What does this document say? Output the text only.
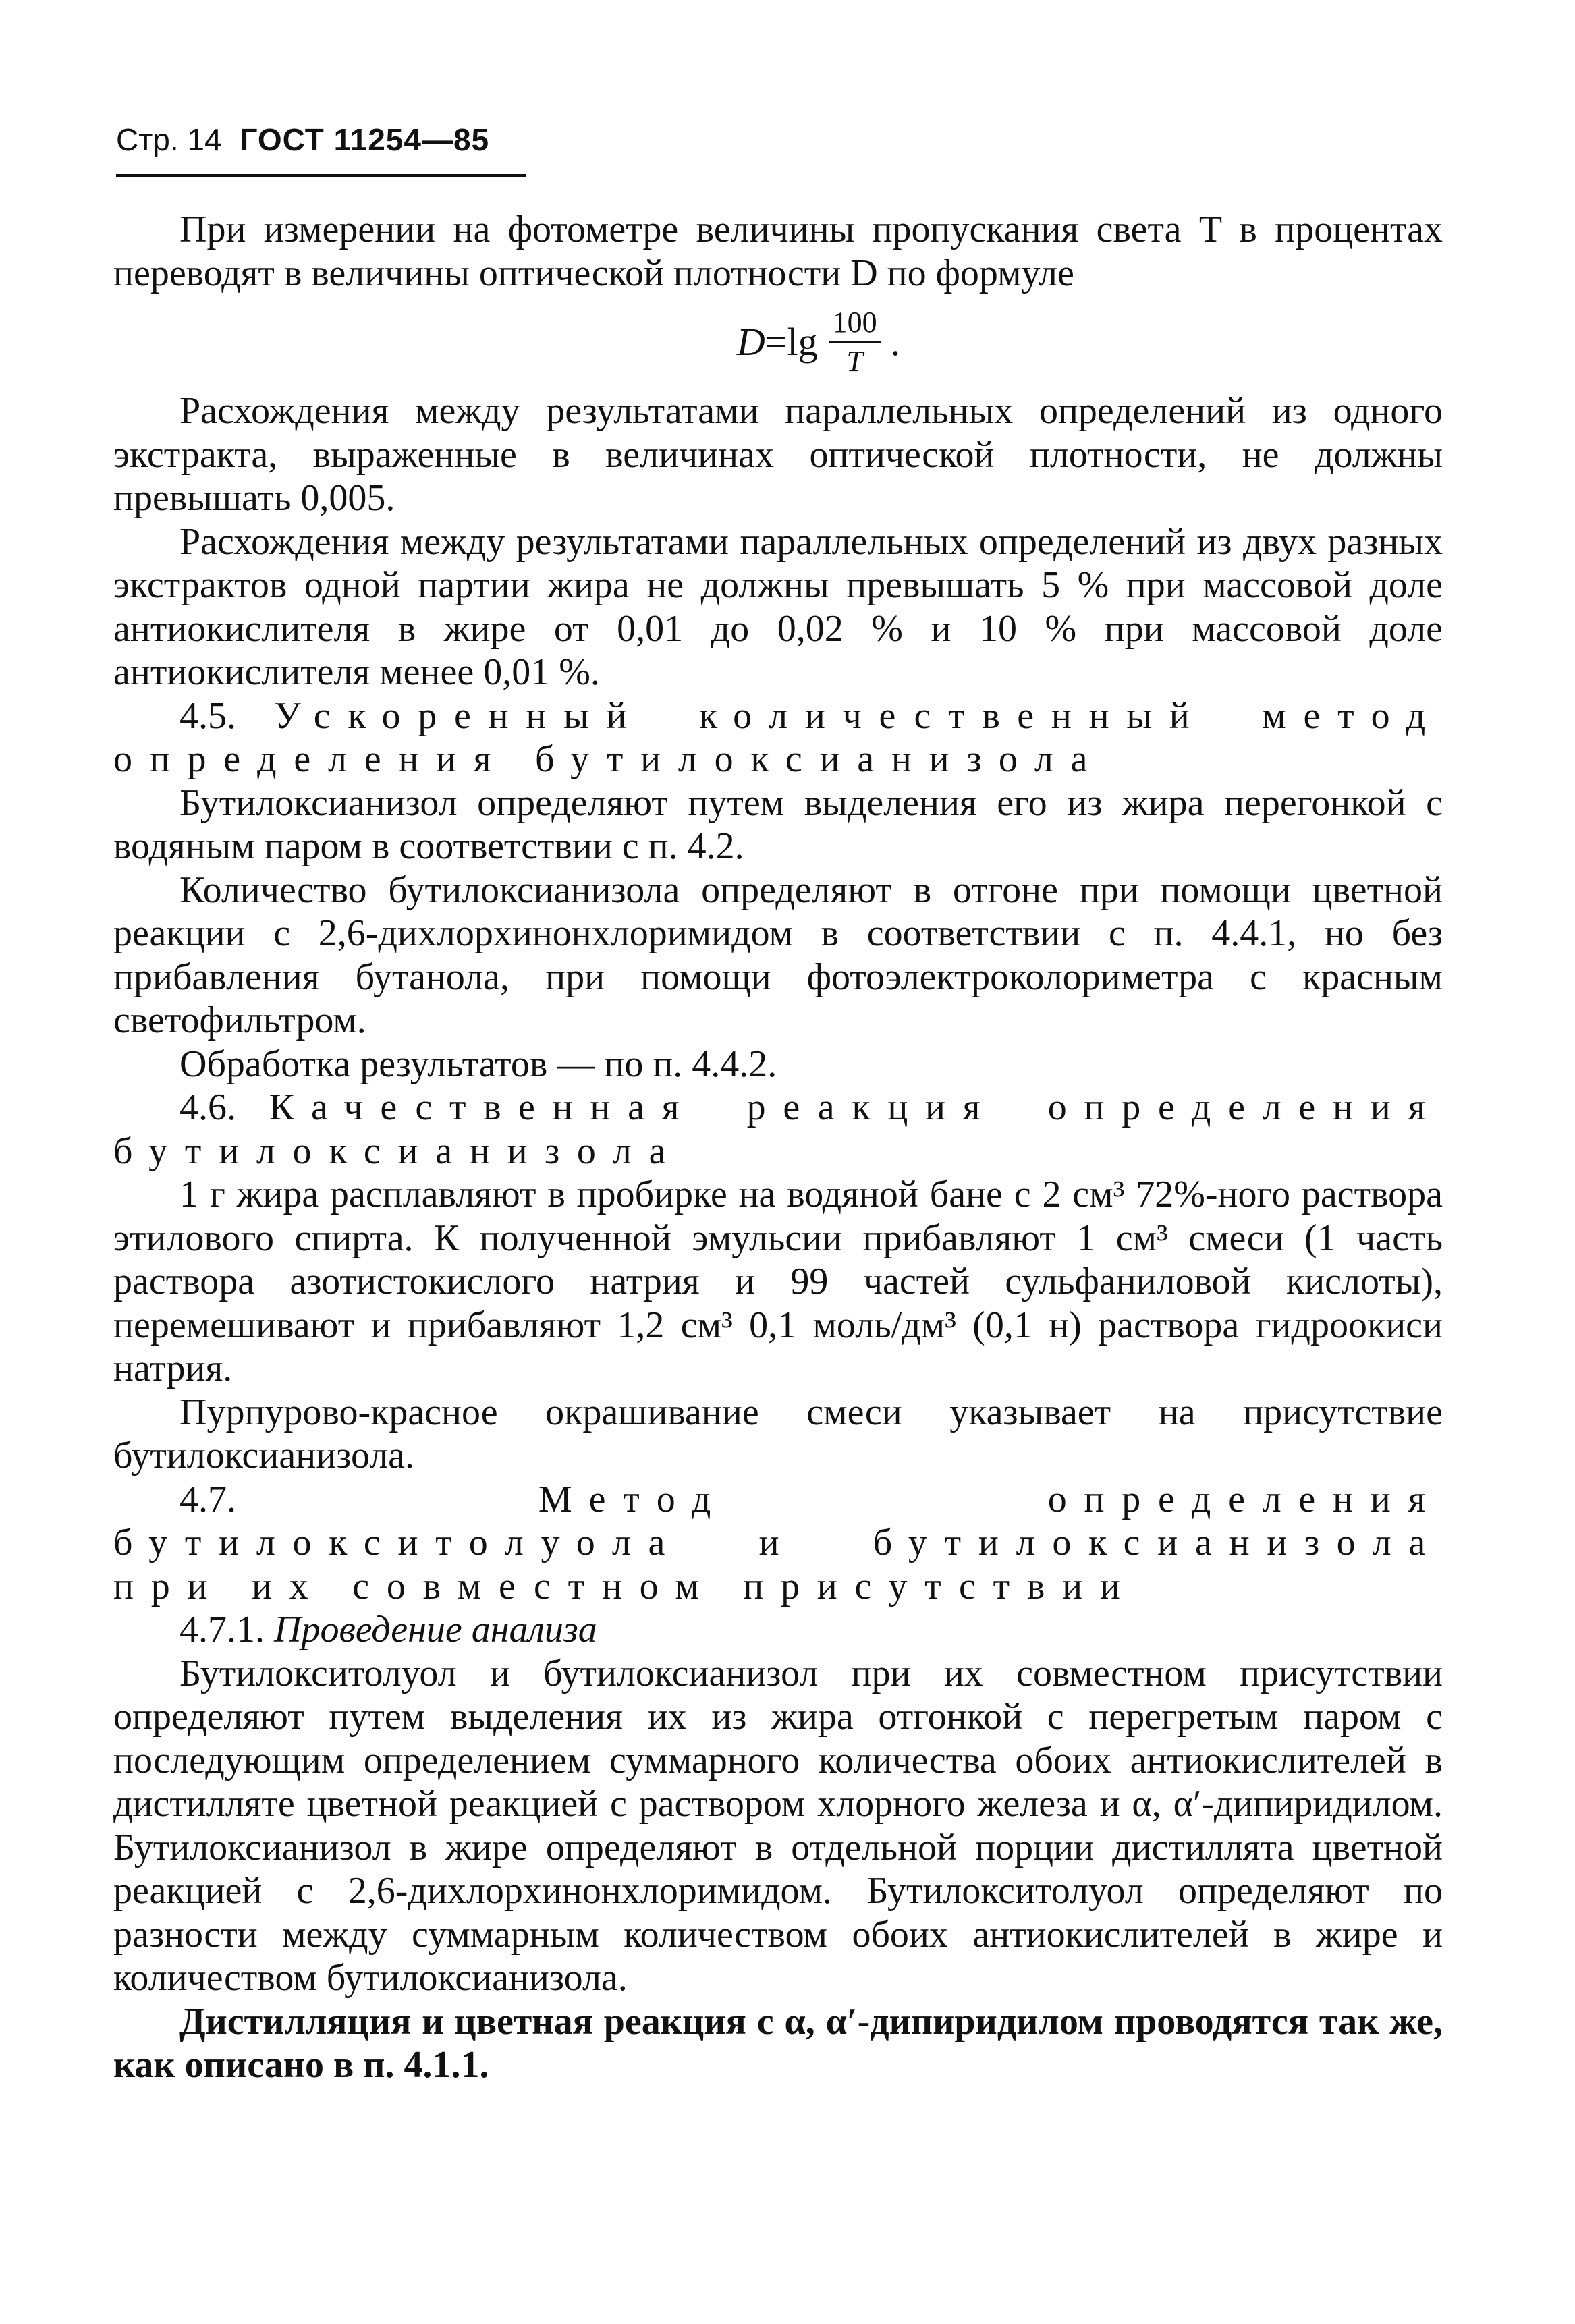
Стр. 14 ГОСТ 11254—85

При измерении на фотометре величины пропускания света T в процентах переводят в величины оптической плотности D по формуле

$D = \lg \frac{100}{T}$ .

Расхождения между результатами параллельных определений из одного экстракта, выраженные в величинах оптической плотности, не должны превышать 0,005.

Расхождения между результатами параллельных определений из двух разных экстрактов одной партии жира не должны превышать 5 % при массовой доле антиокислителя в жире от 0,01 до 0,02 % и 10 % при массовой доле антиокислителя менее 0,01 %.

4.5. Ускоренный количественный метод определения бутилоксианизола

Бутилоксианизол определяют путем выделения его из жира перегонкой с водяным паром в соответствии с п. 4.2.

Количество бутилоксианизола определяют в отгоне при помощи цветной реакции с 2,6-дихлорхинонхлоримидом в соответствии с п. 4.4.1, но без прибавления бутанола, при помощи фотоэлектроколориметра с красным светофильтром.

Обработка результатов — по п. 4.4.2.

4.6. Качественная реакция определения бутилоксианизола

1 г жира расплавляют в пробирке на водяной бане с 2 см³ 72%-ного раствора этилового спирта. К полученной эмульсии прибавляют 1 см³ смеси (1 часть раствора азотистокислого натрия и 99 частей сульфаниловой кислоты), перемешивают и прибавляют 1,2 см³ 0,1 моль/дм³ (0,1 н) раствора гидроокиси натрия.

Пурпурово-красное окрашивание смеси указывает на присутствие бутилоксианизола.

4.7.	Метод определения бутилокситолуола и бутилоксианизола при их совместном присутствии

4.7.1. Проведение анализа

Бутилокситолуол и бутилоксианизол при их совместном присутствии определяют путем выделения их из жира отгонкой с перегретым паром с последующим определением суммарного количества обоих антиокислителей в дистилляте цветной реакцией с раствором хлорного железа и α, α′-дипиридилом. Бутилоксианизол в жире определяют в отдельной порции дистиллята цветной реакцией с 2,6-дихлорхинонхлоримидом. Бутилокситолуол определяют по разности между суммарным количеством обоих антиокислителей в жире и количеством бутилоксианизола.

Дистилляция и цветная реакция с α, α′-дипиридилом проводятся так же, как описано в п. 4.1.1.
